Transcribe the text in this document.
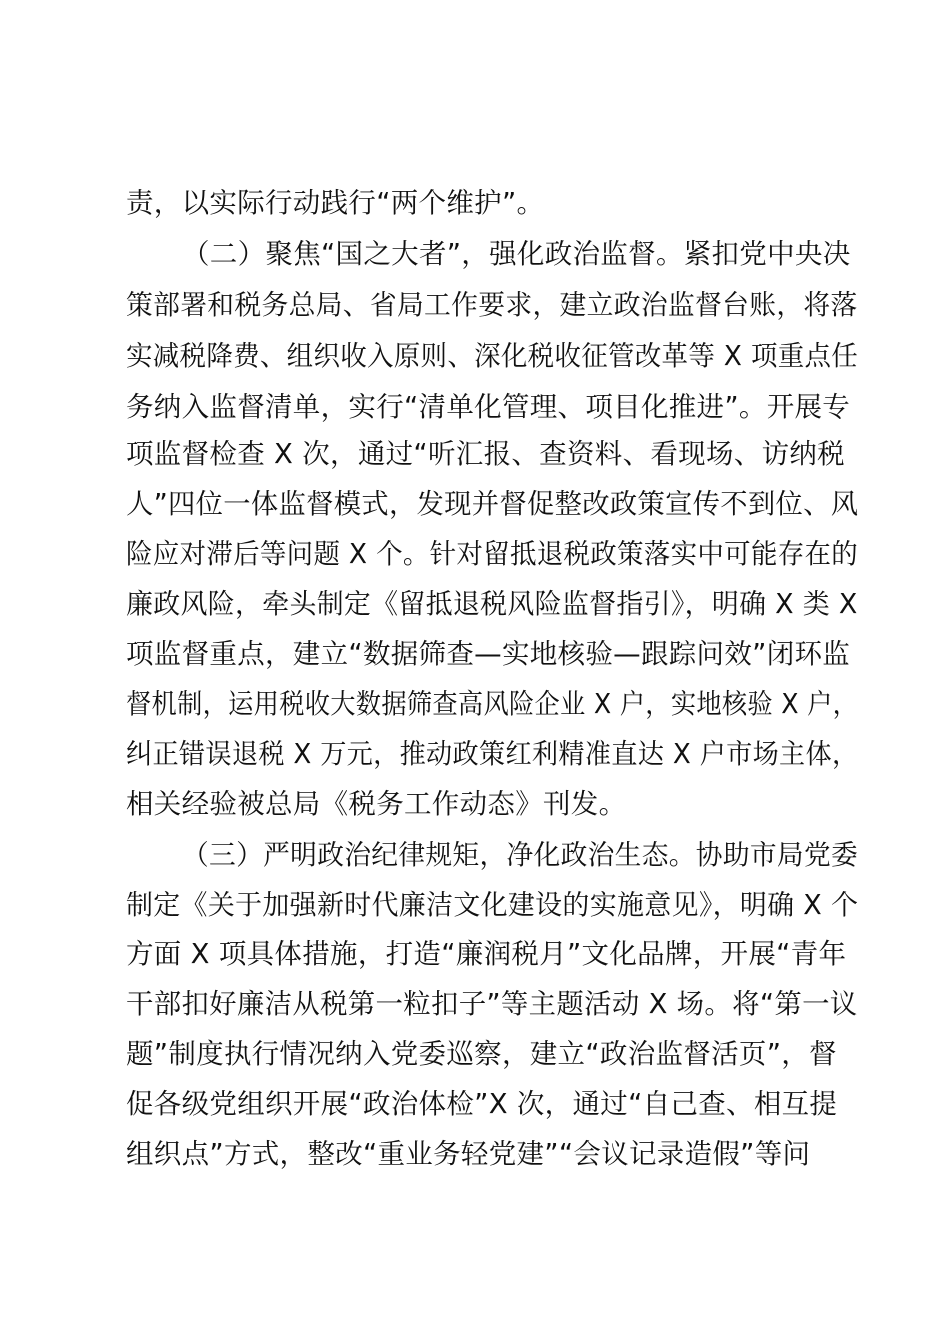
责，以实际行动践行“两个维护”。
（二）聚焦“国之大者”，强化政治监督。紧扣党中央决
策部署和税务总局、省局工作要求，建立政治监督台账，将落
实减税降费、组织收入原则、深化税收征管改革等 X 项重点任
务纳入监督清单，实行“清单化管理、项目化推进”。开展专
项监督检查 X 次，通过“听汇报、查资料、看现场、访纳税
人”四位一体监督模式，发现并督促整改政策宣传不到位、风
险应对滞后等问题 X 个。针对留抵退税政策落实中可能存在的
廉政风险，牵头制定《留抵退税风险监督指引》，明确 X 类 X
项监督重点，建立“数据筛查—实地核验—跟踪问效”闭环监
督机制，运用税收大数据筛查高风险企业 X 户，实地核验 X 户，
纠正错误退税 X 万元，推动政策红利精准直达 X 户市场主体，
相关经验被总局《税务工作动态》刊发。
（三）严明政治纪律规矩，净化政治生态。协助市局党委
制定《关于加强新时代廉洁文化建设的实施意见》，明确 X 个
方面 X 项具体措施，打造“廉润税月”文化品牌，开展“青年
干部扣好廉洁从税第一粒扣子”等主题活动 X 场。将“第一议
题”制度执行情况纳入党委巡察，建立“政治监督活页”，督
促各级党组织开展“政治体检”X 次，通过“自己查、相互提
组织点”方式，整改“重业务轻党建”“会议记录造假”等问
